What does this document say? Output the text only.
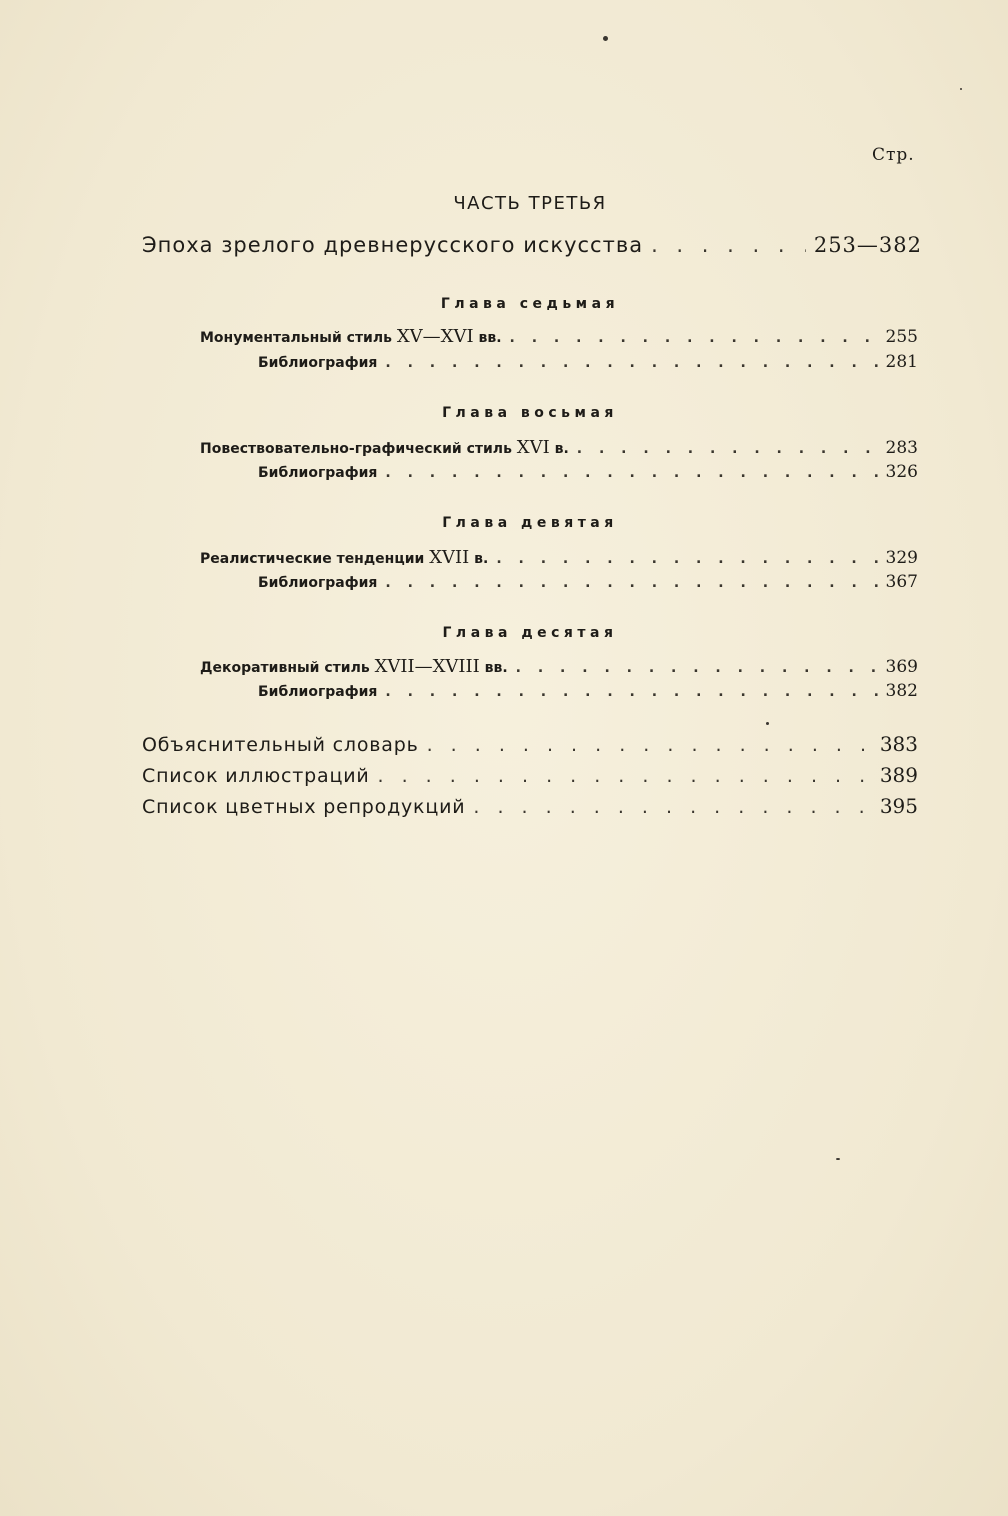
Стр.
ЧАСТЬ ТРЕТЬЯ
Эпоха зрелого древнерусского искусства . . .	253—382
Глава седьмая
Монументальный стиль XV—XVI вв. . . .	255
Библиография . . .	281
Глава восьмая
Повествовательно-графический стиль XVI в. . . .	283
Библиография . . .	326
Глава девятая
Реалистические тенденции XVII в. . . .	329
Библиография . . .	367
Глава десятая
Декоративный стиль XVII—XVIII вв. . . .	369
Библиография . . .	382
Объяснительный словарь . . .	383
Список иллюстраций . . .	389
Список цветных репродукций . . .	395
